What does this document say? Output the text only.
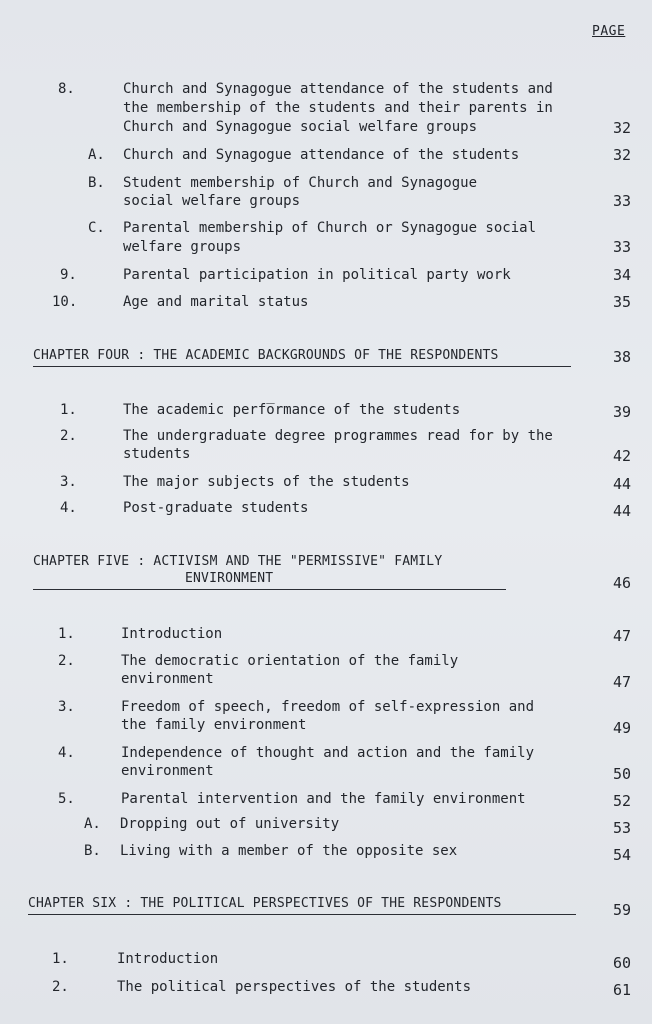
PAGE
8.	Church and Synagogue attendance of the students and
the membership of the students and their parents in
Church and Synagogue social welfare groups	32
A. Church and Synagogue attendance of the students	32
B. Student membership of Church and Synagogue
social welfare groups	33
C. Parental membership of Church or Synagogue social
welfare groups	33
9.	Parental participation in political party work	34
10.	Age and marital status	35
CHAPTER FOUR : THE ACADEMIC BACKGROUNDS OF THE RESPONDENTS	38
1.	The academic perfo̅rmance of the students	39
2.	The undergraduate degree programmes read for by the
students	42
3.	The major subjects of the students	44
4.	Post-graduate students	44
CHAPTER FIVE : ACTIVISM AND THE "PERMISSIVE" FAMILY
ENVIRONMENT	46
1.	Introduction	47
2.	The democratic orientation of the family
environment	47
3.	Freedom of speech, freedom of self-expression and
the family environment	49
4.	Independence of thought and action and the family
environment	50
5.	Parental intervention and the family environment	52
A. Dropping out of university	53
B. Living with a member of the opposite sex	54
CHAPTER SIX : THE POLITICAL PERSPECTIVES OF THE RESPONDENTS	59
1.	Introduction	60
2.	The political perspectives of the students	61
